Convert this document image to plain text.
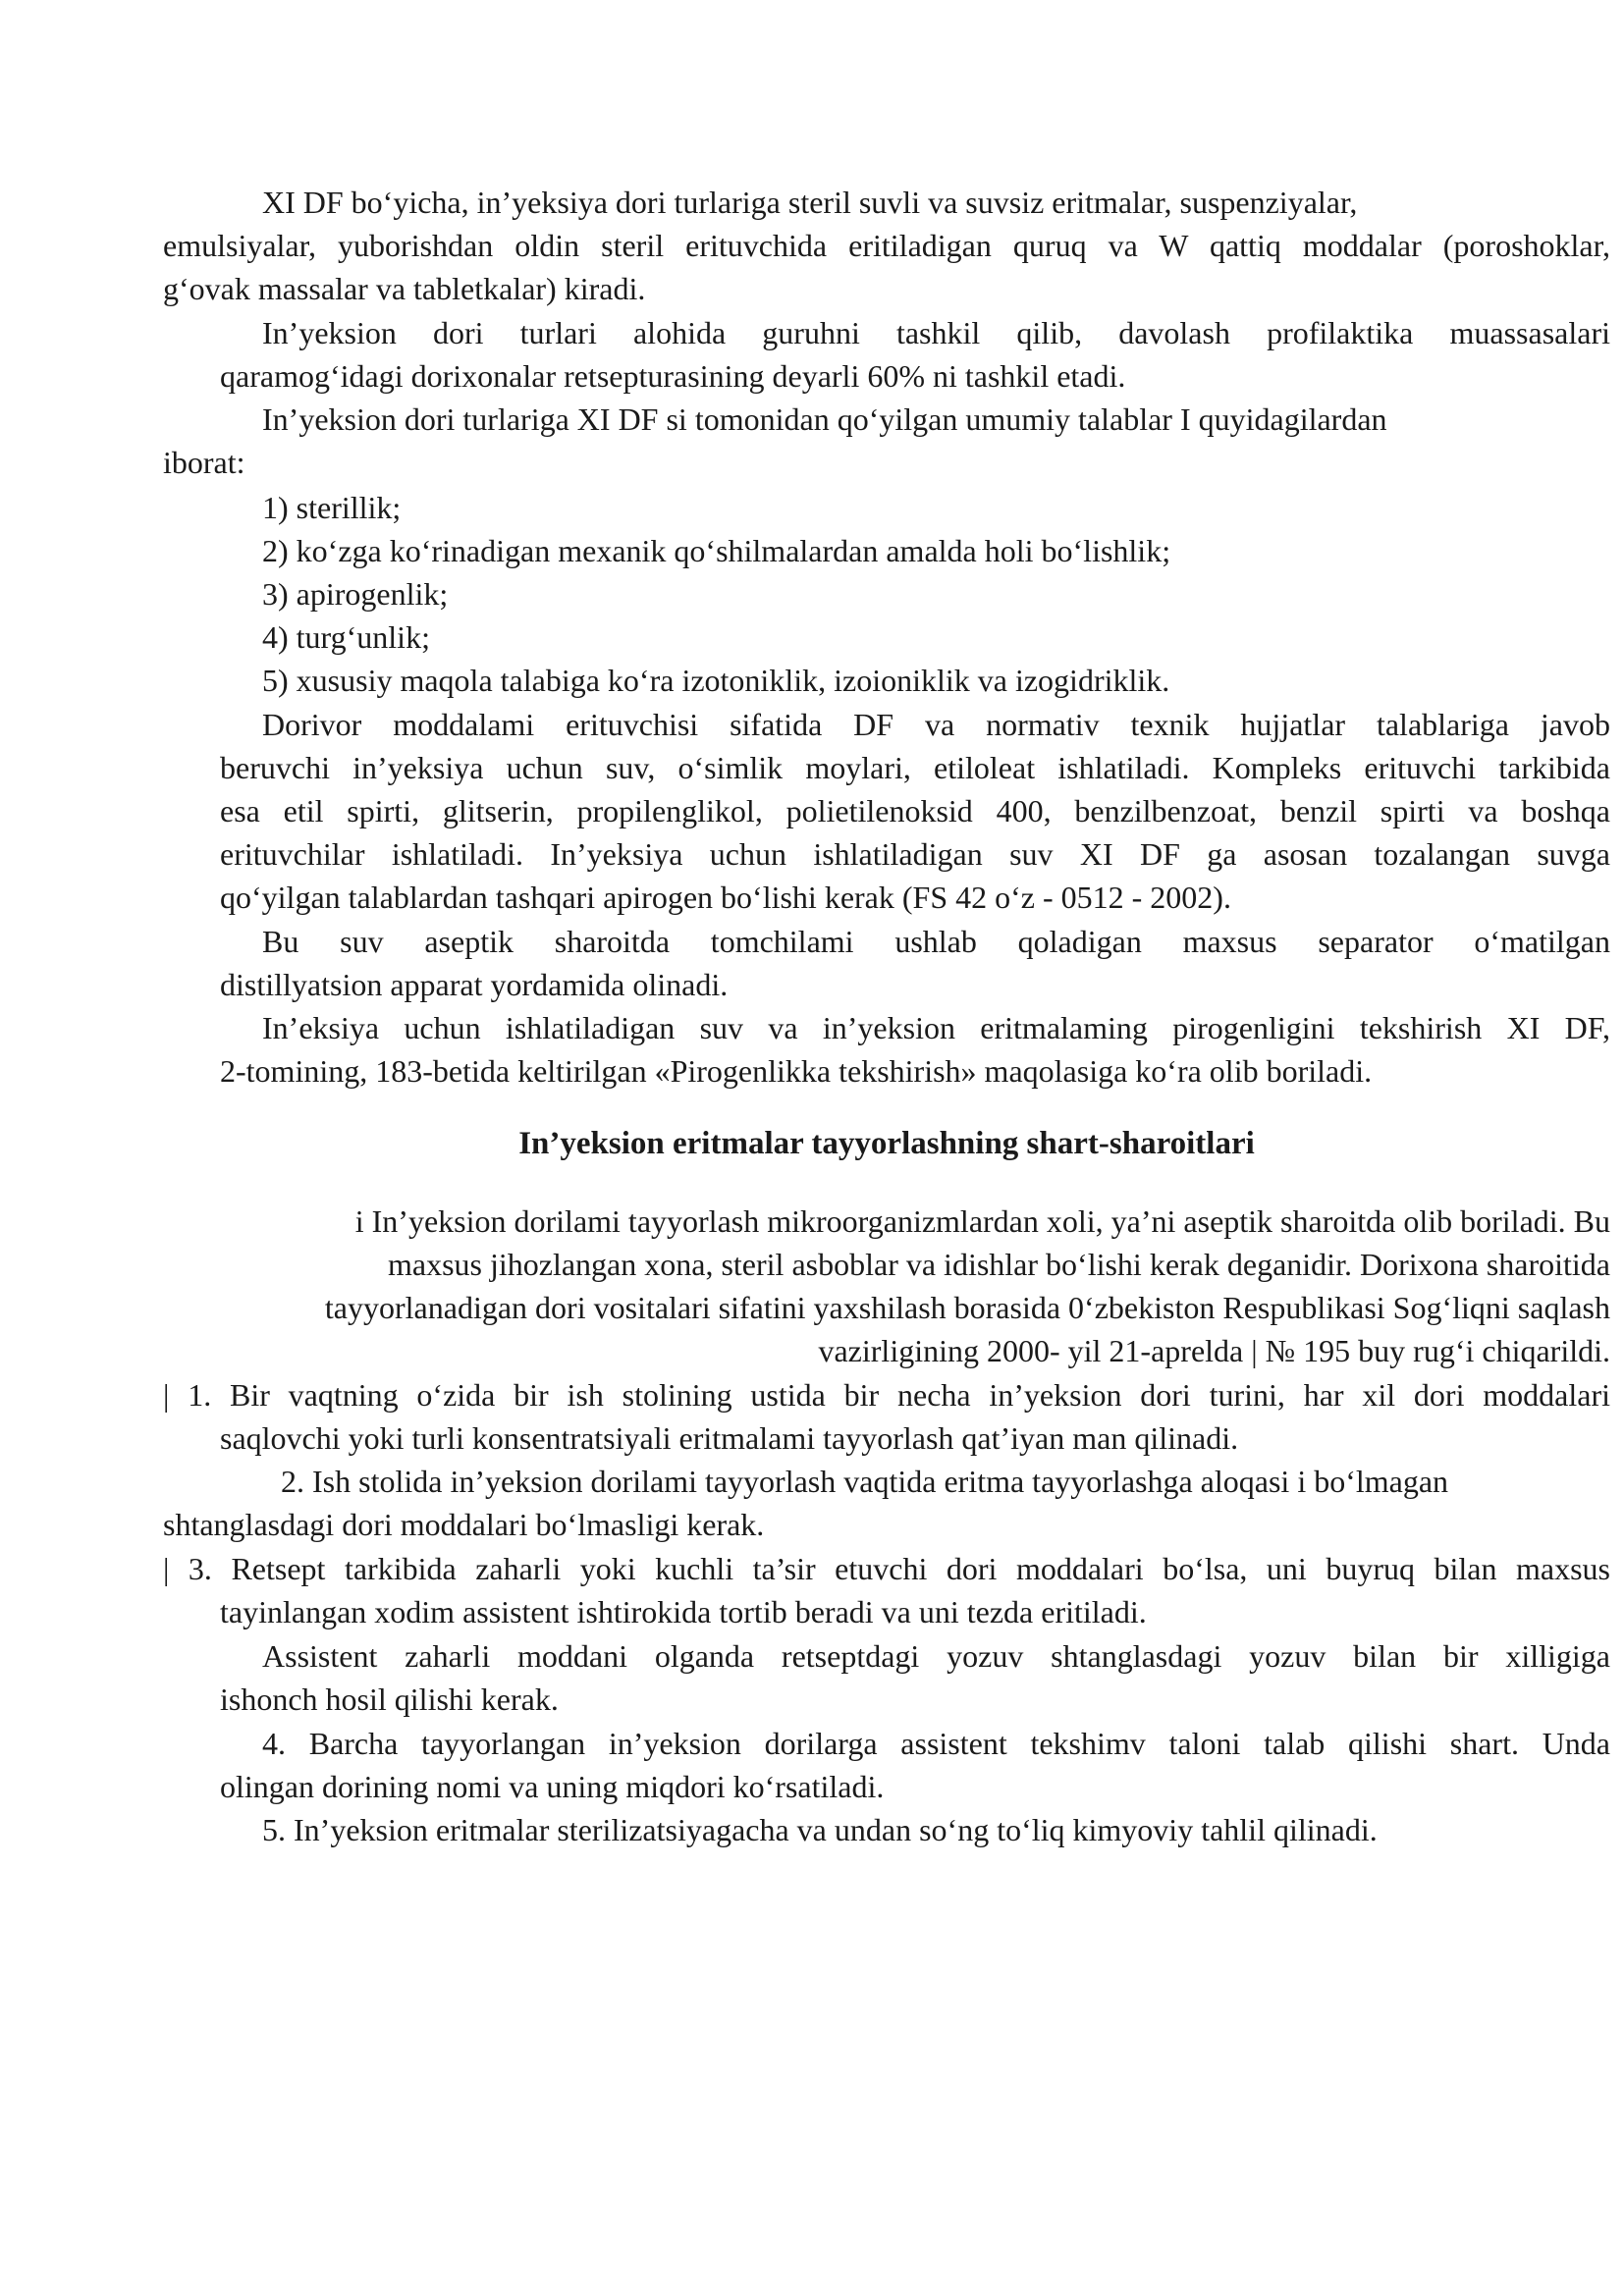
XI DF bo‘yicha, in’yeksiya dori turlariga steril suvli va suvsiz eritmalar, suspenziyalar,
emulsiyalar, yuborishdan oldin steril erituvchida eritiladigan quruq va W qattiq moddalar (poroshoklar,
g‘ovak massalar va tabletkalar) kiradi.
In’yeksion dori turlari alohida guruhni tashkil qilib, davolash profilaktika muassasalari
qaramog‘idagi dorixonalar retsepturasining deyarli 60% ni tashkil etadi.
In’yeksion dori turlariga XI DF si tomonidan qo‘yilgan umumiy talablar I quyidagilardan
iborat:
1) sterillik;
2) ko‘zga ko‘rinadigan mexanik qo‘shilmalardan amalda holi bo‘lishlik;
3) apirogenlik;
4) turg‘unlik;
5) xususiy maqola talabiga ko‘ra izotoniklik, izoioniklik va izogidriklik.
Dorivor moddalami erituvchisi sifatida DF va normativ texnik hujjatlar talablariga javob
beruvchi in’yeksiya uchun suv, o‘simlik moylari, etiloleat ishlatiladi. Kompleks erituvchi tarkibida
esa etil spirti, glitserin, propilenglikol, polietilenoksid 400, benzilbenzoat, benzil spirti va boshqa
erituvchilar ishlatiladi. In’yeksiya uchun ishlatiladigan suv XI DF ga asosan tozalangan suvga
qo‘yilgan talablardan tashqari apirogen bo‘lishi kerak (FS 42 o‘z - 0512 - 2002).
Bu suv aseptik sharoitda tomchilami ushlab qoladigan maxsus separator o‘matilgan
distillyatsion apparat yordamida olinadi.
In’eksiya uchun ishlatiladigan suv va in’yeksion eritmalaming pirogenligini tekshirish XI DF,
2-tomining, 183-betida keltirilgan «Pirogenlikka tekshirish» maqolasiga ko‘ra olib boriladi.
In’yeksion eritmalar tayyorlashning shart-sharoitlari
i In’yeksion dorilami tayyorlash mikroorganizmlardan xoli, ya’ni aseptik sharoitda olib boriladi. Bu
maxsus jihozlangan xona, steril asboblar va idishlar bo‘lishi kerak deganidir. Dorixona sharoitida
tayyorlanadigan dori vositalari sifatini yaxshilash borasida 0‘zbekiston Respublikasi Sog‘liqni saqlash
vazirligining 2000- yil 21-aprelda | № 195 buy rug‘i chiqarildi.
| 1. Bir vaqtning o‘zida bir ish stolining ustida bir necha in’yeksion dori turini, har xil dori moddalari
saqlovchi yoki turli konsentratsiyali eritmalami tayyorlash qat’iyan man qilinadi.
2. Ish stolida in’yeksion dorilami tayyorlash vaqtida eritma tayyorlashga aloqasi i bo‘lmagan
shtanglasdagi dori moddalari bo‘lmasligi kerak.
| 3. Retsept tarkibida zaharli yoki kuchli ta’sir etuvchi dori moddalari bo‘lsa, uni buyruq bilan maxsus
tayinlangan xodim assistent ishtirokida tortib beradi va uni tezda eritiladi.
Assistent zaharli moddani olganda retseptdagi yozuv shtanglasdagi yozuv bilan bir xilligiga
ishonch hosil qilishi kerak.
4. Barcha tayyorlangan in’yeksion dorilarga assistent tekshimv taloni talab qilishi shart. Unda
olingan dorining nomi va uning miqdori ko‘rsatiladi.
5. In’yeksion eritmalar sterilizatsiyagacha va undan so‘ng to‘liq kimyoviy tahlil qilinadi.
